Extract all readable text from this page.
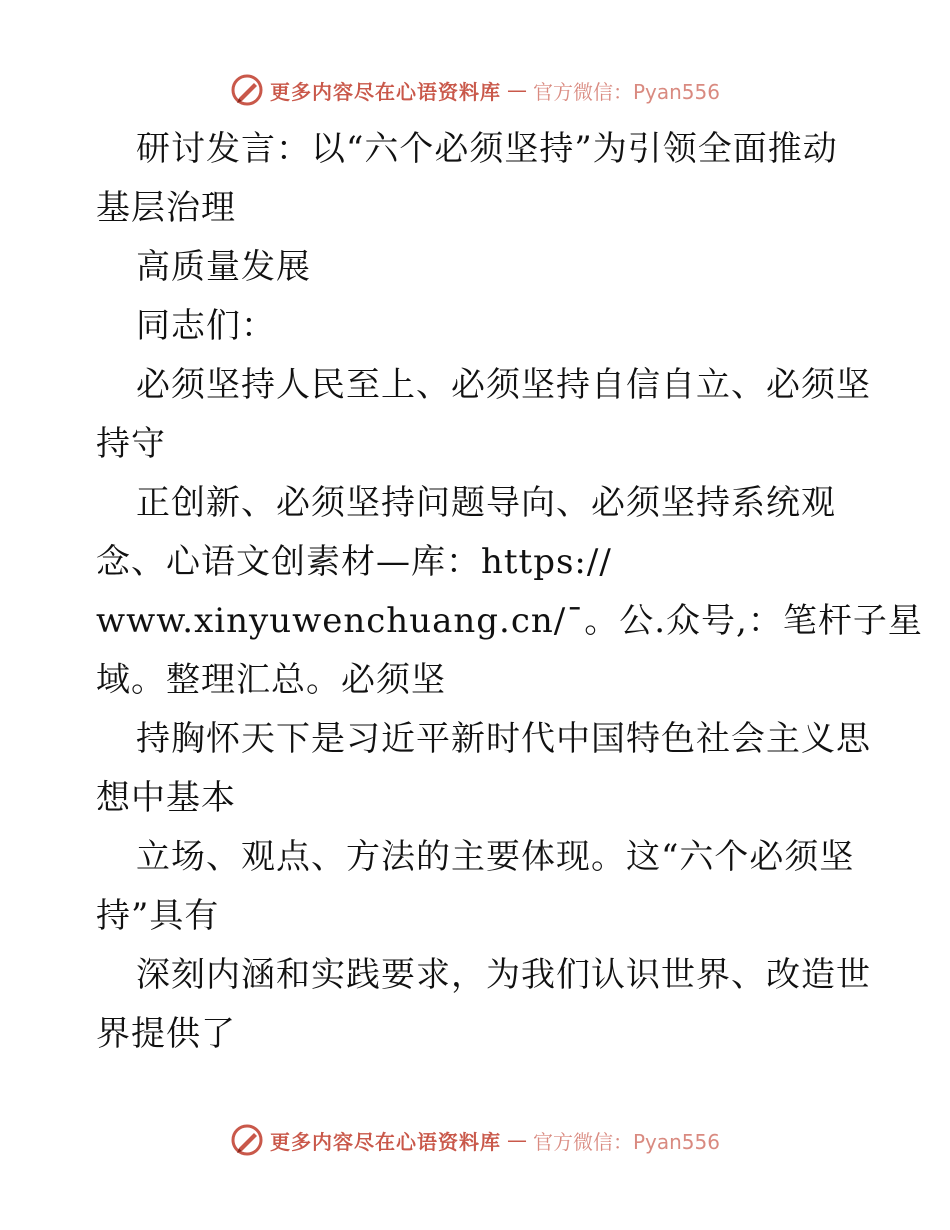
更多内容尽在心语资料库 — 官方微信：Pyan556
研讨发言：以“六个必须坚持”为引领全面推动
基层治理
高质量发展
同志们：
必须坚持人民至上、必须坚持自信自立、必须坚
持守
正创新、必须坚持问题导向、必须坚持系统观
念、心语文创素材—库：https://
www.xinyuwenchuang.cn/¯。公.众号,：笔杆子星
域。整理汇总。必须坚
持胸怀天下是习近平新时代中国特色社会主义思
想中基本
立场、观点、方法的主要体现。这“六个必须坚
持”具有
深刻内涵和实践要求，为我们认识世界、改造世
界提供了
更多内容尽在心语资料库 — 官方微信：Pyan556
